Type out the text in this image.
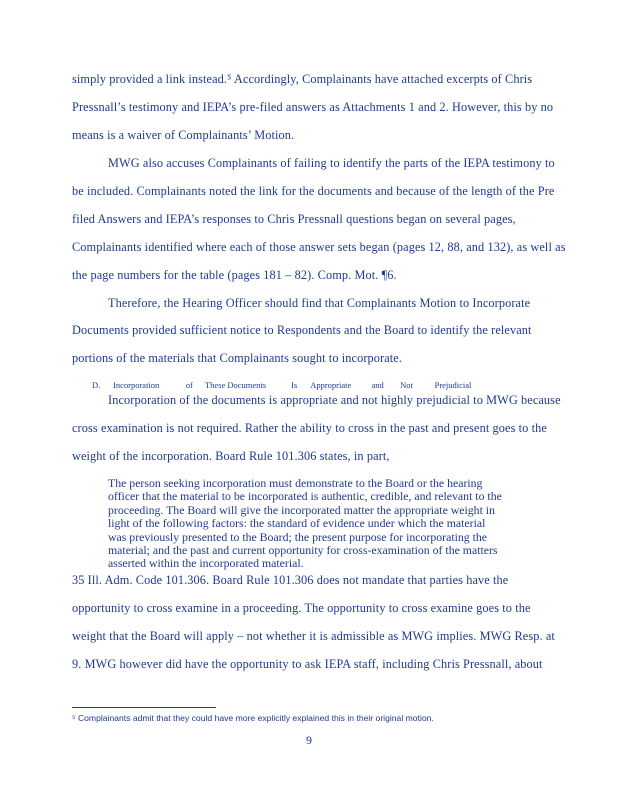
simply provided a link instead.⁵ Accordingly, Complainants have attached excerpts of Chris
Pressnall’s testimony and IEPA’s pre-filed answers as Attachments 1 and 2. However, this by no
means is a waiver of Complainants’ Motion.
MWG also accuses Complainants of failing to identify the parts of the IEPA testimony to
be included. Complainants noted the link for the documents and because of the length of the Pre
filed Answers and IEPA’s responses to Chris Pressnall questions began on several pages,
Complainants identified where each of those answer sets began (pages 12, 88, and 132), as well as
the page numbers for the table (pages 181 – 82). Comp. Mot. ¶6.
Therefore, the Hearing Officer should find that Complainants Motion to Incorporate
Documents provided sufficient notice to Respondents and the Board to identify the relevant
portions of the materials that Complainants sought to incorporate.
D.	Incorporation	of	These Documents	Is	Appropriate	and	Not	Prejudicial
Incorporation of the documents is appropriate and not highly prejudicial to MWG because
cross examination is not required. Rather the ability to cross in the past and present goes to the
weight of the incorporation. Board Rule 101.306 states, in part,
The person seeking incorporation must demonstrate to the Board or the hearing
officer that the material to be incorporated is authentic, credible, and relevant to the
proceeding. The Board will give the incorporated matter the appropriate weight in
light of the following factors: the standard of evidence under which the material
was previously presented to the Board; the present purpose for incorporating the
material; and the past and current opportunity for cross-examination of the matters
asserted within the incorporated material.
35 Ill. Adm. Code 101.306. Board Rule 101.306 does not mandate that parties have the
opportunity to cross examine in a proceeding. The opportunity to cross examine goes to the
weight that the Board will apply – not whether it is admissible as MWG implies. MWG Resp. at
9. MWG however did have the opportunity to ask IEPA staff, including Chris Pressnall, about
⁵ Complainants admit that they could have more explicitly explained this in their original motion.
9
